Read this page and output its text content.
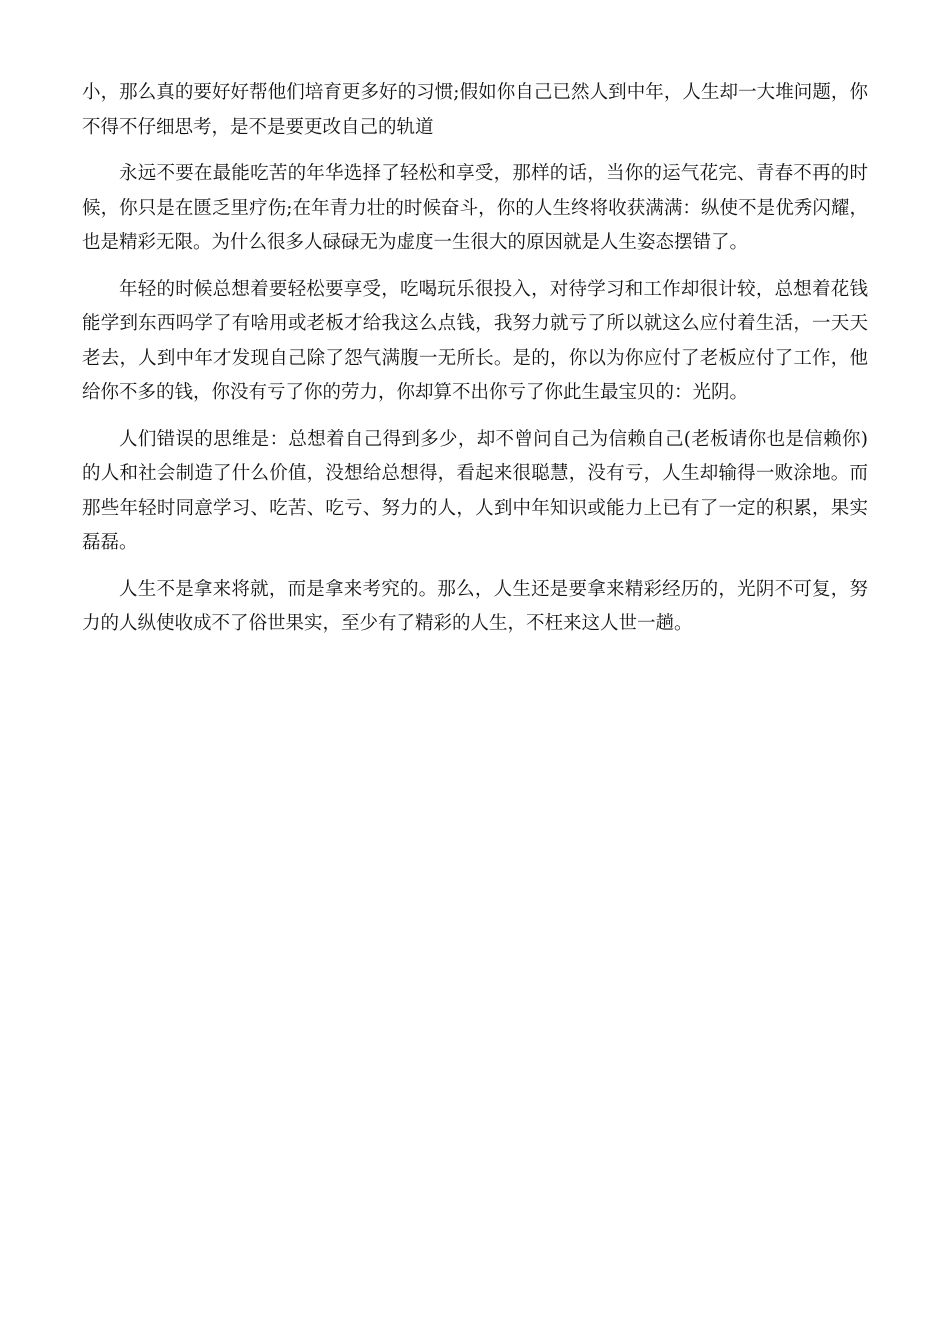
小，那么真的要好好帮他们培育更多好的习惯;假如你自己已然人到中年，人生却一大堆问题，你不得不仔细思考，是不是要更改自己的轨道

永远不要在最能吃苦的年华选择了轻松和享受，那样的话，当你的运气花完、青春不再的时候，你只是在匮乏里疗伤;在年青力壮的时候奋斗，你的人生终将收获满满：纵使不是优秀闪耀，也是精彩无限。为什么很多人碌碌无为虚度一生很大的原因就是人生姿态摆错了。

年轻的时候总想着要轻松要享受，吃喝玩乐很投入，对待学习和工作却很计较，总想着花钱能学到东西吗学了有啥用或老板才给我这么点钱，我努力就亏了所以就这么应付着生活，一天天老去，人到中年才发现自己除了怨气满腹一无所长。是的，你以为你应付了老板应付了工作，他给你不多的钱，你没有亏了你的劳力，你却算不出你亏了你此生最宝贝的：光阴。

人们错误的思维是：总想着自己得到多少，却不曾问自己为信赖自己(老板请你也是信赖你)的人和社会制造了什么价值，没想给总想得，看起来很聪慧，没有亏，人生却输得一败涂地。而那些年轻时同意学习、吃苦、吃亏、努力的人，人到中年知识或能力上已有了一定的积累，果实磊磊。

人生不是拿来将就，而是拿来考究的。那么，人生还是要拿来精彩经历的，光阴不可复，努力的人纵使收成不了俗世果实，至少有了精彩的人生，不枉来这人世一趟。
